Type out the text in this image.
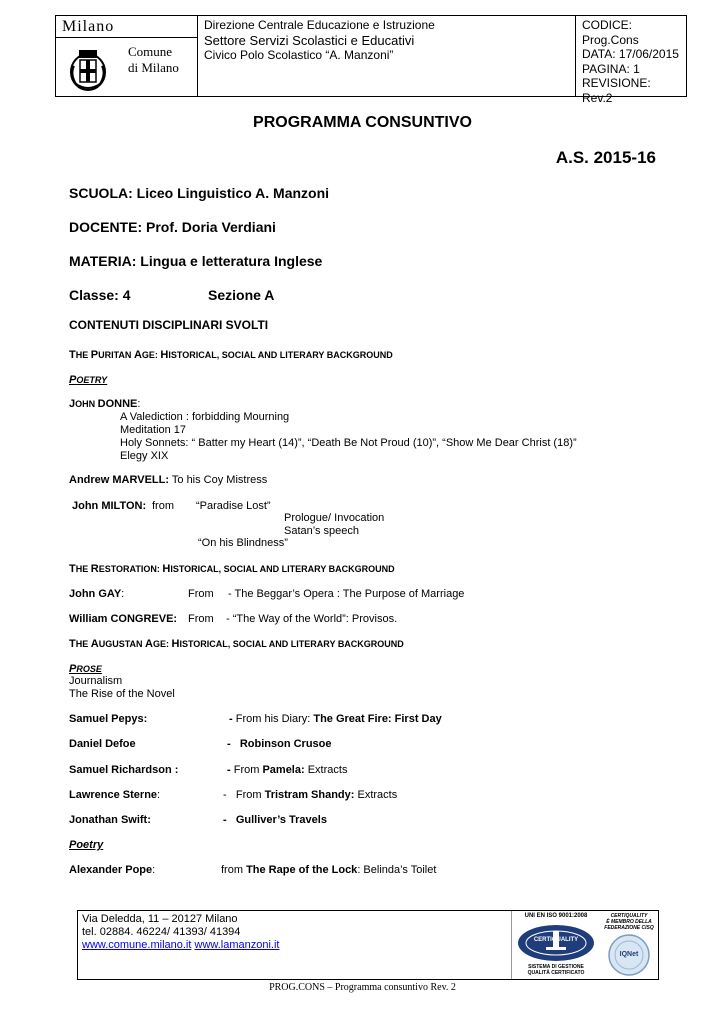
Milano
Comune
di Milano
Direzione Centrale Educazione e Istruzione
Settore Servizi Scolastici e Educativi
Civico Polo Scolastico “A. Manzoni”
CODICE:
Prog.Cons
DATA: 17/06/2015
PAGINA: 1
REVISIONE: Rev.2
PROGRAMMA CONSUNTIVO
A.S. 2015-16
SCUOLA: Liceo Linguistico A. Manzoni
DOCENTE: Prof. Doria Verdiani
MATERIA: Lingua e letteratura Inglese
Classe: 4	Sezione A
CONTENUTI DISCIPLINARI SVOLTI
THE PURITAN AGE: HISTORICAL, SOCIAL AND LITERARY BACKGROUND
POETRY
JOHN DONNE:
A Valediction : forbidding Mourning
Meditation 17
Holy Sonnets: “ Batter my Heart (14)”, “Death Be Not Proud (10)”, “Show Me Dear Christ (18)”
Elegy XIX
Andrew MARVELL: To his Coy Mistress
John MILTON: from “Paradise Lost”
Prologue/ Invocation
Satan’s speech
“On his Blindness”
THE RESTORATION: HISTORICAL, SOCIAL AND LITERARY BACKGROUND
John GAY:	From - The Beggar’s Opera : The Purpose of Marriage
William CONGREVE: From - “The Way of the World”: Provisos.
THE AUGUSTAN AGE: HISTORICAL, SOCIAL AND LITERARY BACKGROUND
PROSE
Journalism
The Rise of the Novel
Samuel Pepys:	- From his Diary: The Great Fire: First Day
Daniel Defoe	- Robinson Crusoe
Samuel Richardson :	- From Pamela: Extracts
Lawrence Sterne:	-   From Tristram Shandy: Extracts
Jonathan Swift:	- Gulliver’s Travels
Poetry
Alexander Pope:	from The Rape of the Lock: Belinda’s Toilet
Via Deledda, 11 – 20127 Milano
tel. 02884. 46224/ 41393/ 41394
www.comune.milano.it www.lamanzoni.it
UNI EN ISO 9001:2008
CERTIQUALITY
SISTEMA DI GESTIONE
QUALITÀ CERTIFICATO
CERTIQUALITY
È MEMBRO DELLA
FEDERAZIONE CISQ
IQNet
PROG.CONS – Programma consuntivo Rev. 2
